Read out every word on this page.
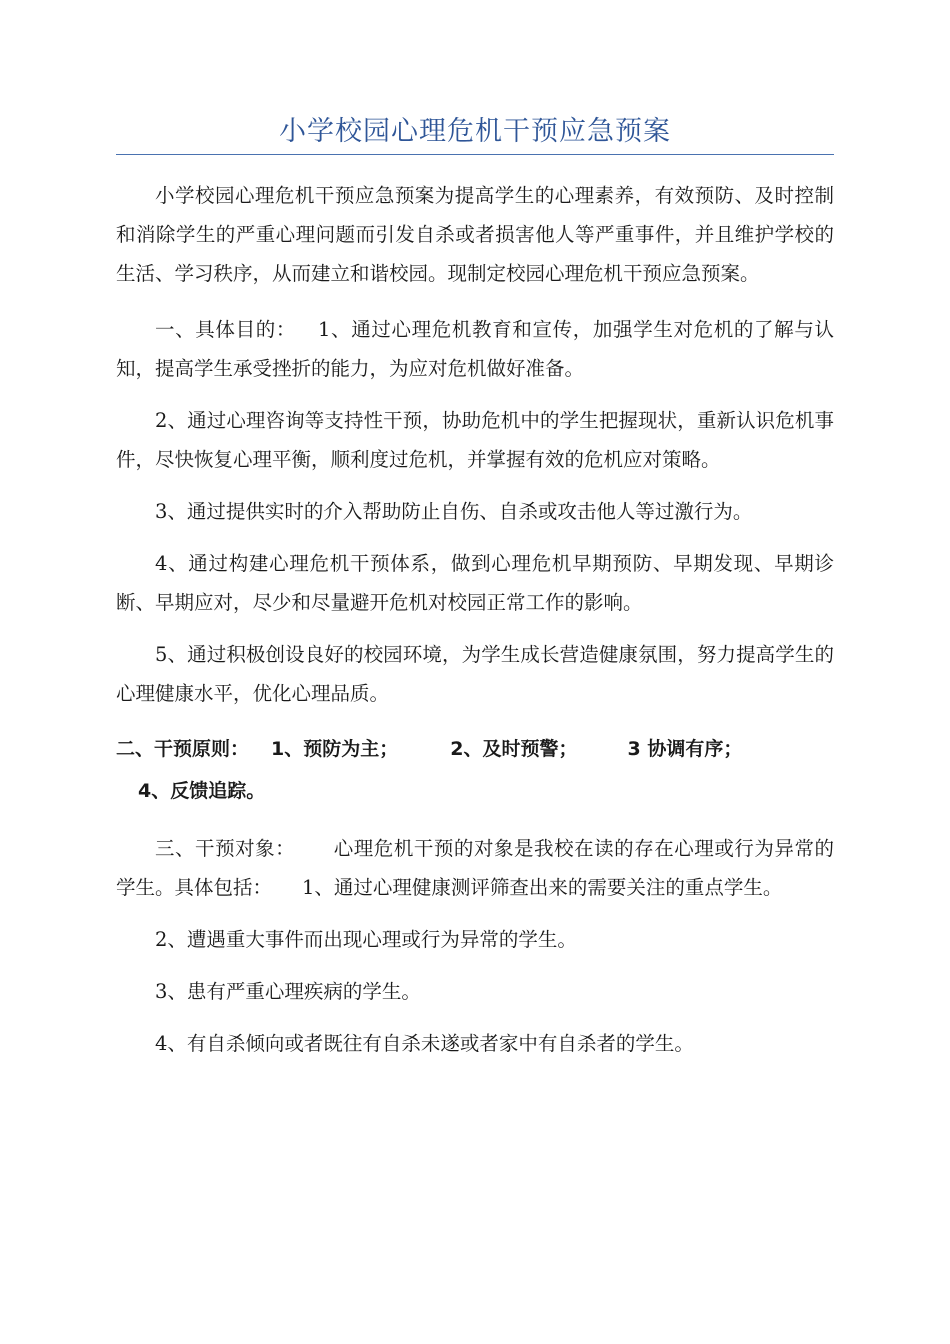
小学校园心理危机干预应急预案

小学校园心理危机干预应急预案为提高学生的心理素养，有效预防、及时控制和消除学生的严重心理问题而引发自杀或者损害他人等严重事件，并且维护学校的生活、学习秩序，从而建立和谐校园。现制定校园心理危机干预应急预案。

一、具体目的： 1、通过心理危机教育和宣传，加强学生对危机的了解与认知，提高学生承受挫折的能力，为应对危机做好准备。

2、通过心理咨询等支持性干预，协助危机中的学生把握现状，重新认识危机事件，尽快恢复心理平衡，顺利度过危机，并掌握有效的危机应对策略。

3、通过提供实时的介入帮助防止自伤、自杀或攻击他人等过激行为。

4、通过构建心理危机干预体系，做到心理危机早期预防、早期发现、早期诊断、早期应对，尽少和尽量避开危机对校园正常工作的影响。

5、通过积极创设良好的校园环境，为学生成长营造健康氛围，努力提高学生的心理健康水平，优化心理品质。

二、干预原则： 1、预防为主；	2、及时预警；	3 协调有序；

4、反馈追踪。

三、干预对象： 心理危机干预的对象是我校在读的存在心理或行为异常的学生。具体包括： 1、通过心理健康测评筛查出来的需要关注的重点学生。

2、遭遇重大事件而出现心理或行为异常的学生。

3、患有严重心理疾病的学生。

4、有自杀倾向或者既往有自杀未遂或者家中有自杀者的学生。
